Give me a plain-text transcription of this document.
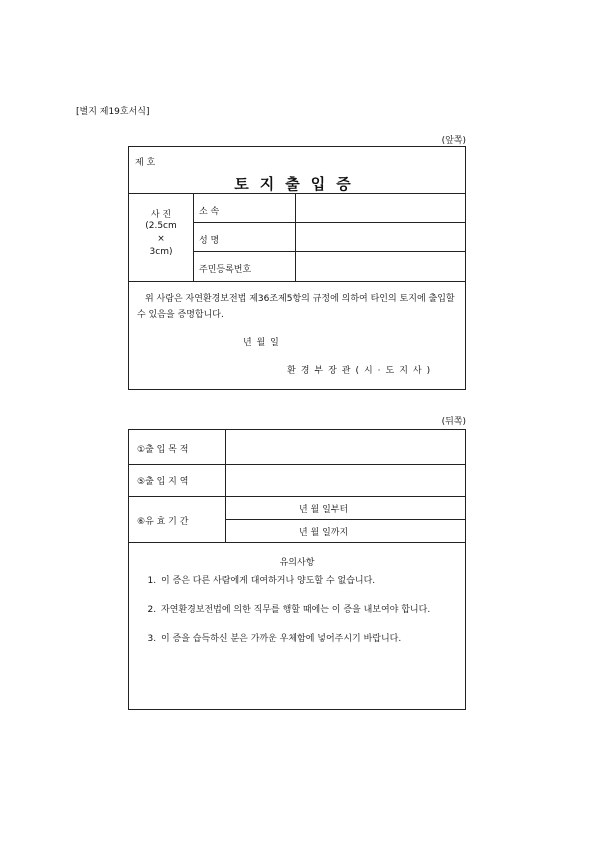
[별지 제19호서식]
(앞쪽)
제 호
토지출입증
사 진
(2.5cm
×
3cm)
소 속
성 명
주민등록번호
위 사람은 자연환경보전법 제36조제5항의 규정에 의하여 타인의 토지에 출입할 수 있음을 증명합니다.
년 월 일
환경부장관(시·도지사)
(뒤쪽)
①출 입 목 적
⑤출 입 지 역
⑥유 효 기 간
년 월 일부터
년 월 일까지
유의사항
1. 이 증은 다른 사람에게 대여하거나 양도할 수 없습니다.
2. 자연환경보전법에 의한 직무를 행할 때에는 이 증을 내보여야 합니다.
3. 이 증을 습득하신 분은 가까운 우체함에 넣어주시기 바랍니다.
